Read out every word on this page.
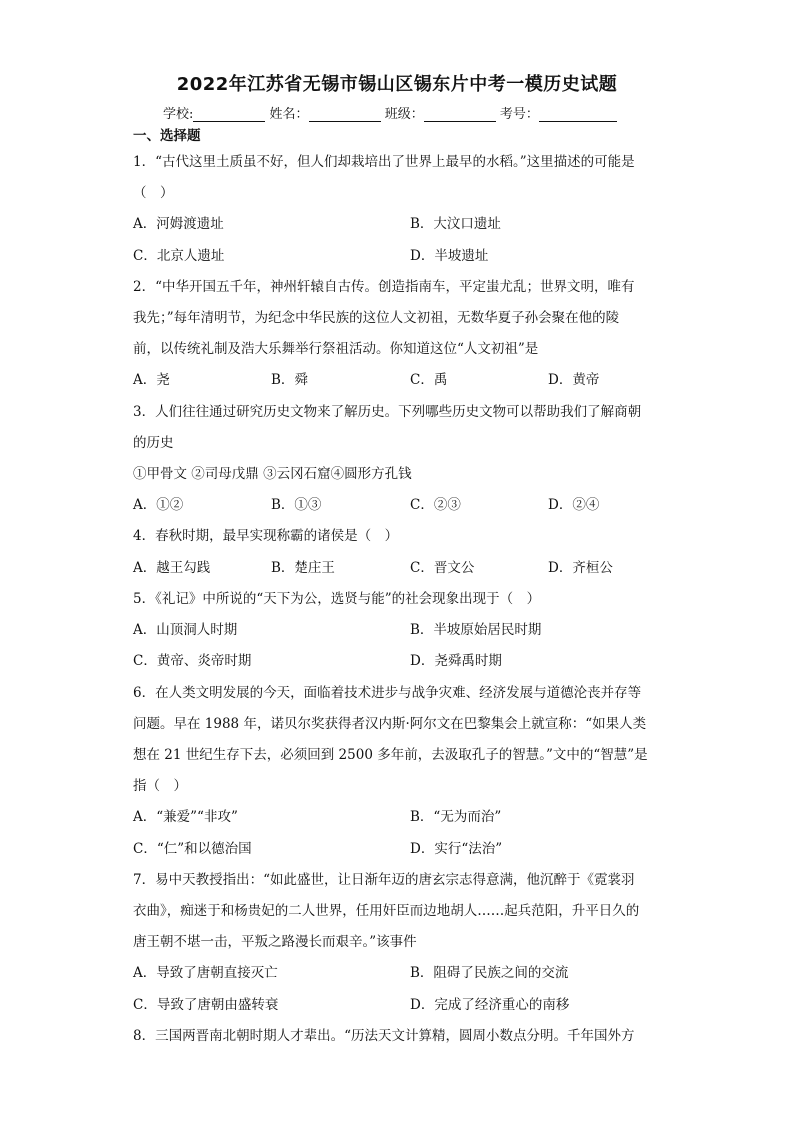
2022年江苏省无锡市锡山区锡东片中考一模历史试题
学校:	姓名：	班级：	考号：
一、选择题
1．“古代这里土质虽不好，但人们却栽培出了世界上最早的水稻。”这里描述的可能是
（　）
A．河姆渡遗址	B．大汶口遗址
C．北京人遗址	D．半坡遗址
2．“中华开国五千年，神州轩辕自古传。创造指南车，平定蚩尤乱；世界文明，唯有
我先；”每年清明节，为纪念中华民族的这位人文初祖，无数华夏子孙会聚在他的陵
前，以传统礼制及浩大乐舞举行祭祖活动。你知道这位“人文初祖”是
A．尧	B．舜	C．禹	D．黄帝
3．人们往往通过研究历史文物来了解历史。下列哪些历史文物可以帮助我们了解商朝
的历史
①甲骨文 ②司母戊鼎 ③云冈石窟④圆形方孔钱
A．①②	B．①③	C．②③	D．②④
4．春秋时期，最早实现称霸的诸侯是（　）
A．越王勾践	B．楚庄王	C．晋文公	D．齐桓公
5．《礼记》中所说的“天下为公，选贤与能”的社会现象出现于（　）
A．山顶洞人时期	B．半坡原始居民时期
C．黄帝、炎帝时期	D．尧舜禹时期
6．在人类文明发展的今天，面临着技术进步与战争灾难、经济发展与道德沦丧并存等
问题。早在 1988 年，诺贝尔奖获得者汉内斯·阿尔文在巴黎集会上就宣称：“如果人类
想在 21 世纪生存下去，必须回到 2500 多年前，去汲取孔子的智慧。”文中的“智慧”是
指（　）
A．“兼爱”“非攻”	B．“无为而治”
C．“仁”和以德治国	D．实行“法治”
7．易中天教授指出：“如此盛世，让日渐年迈的唐玄宗志得意满，他沉醉于《霓裳羽
衣曲》，痴迷于和杨贵妃的二人世界，任用奸臣而边地胡人……起兵范阳，升平日久的
唐王朝不堪一击，平叛之路漫长而艰辛。”该事件
A．导致了唐朝直接灭亡	B．阻碍了民族之间的交流
C．导致了唐朝由盛转衰	D．完成了经济重心的南移
8．三国两晋南北朝时期人才辈出。“历法天文计算精，圆周小数点分明。千年国外方
